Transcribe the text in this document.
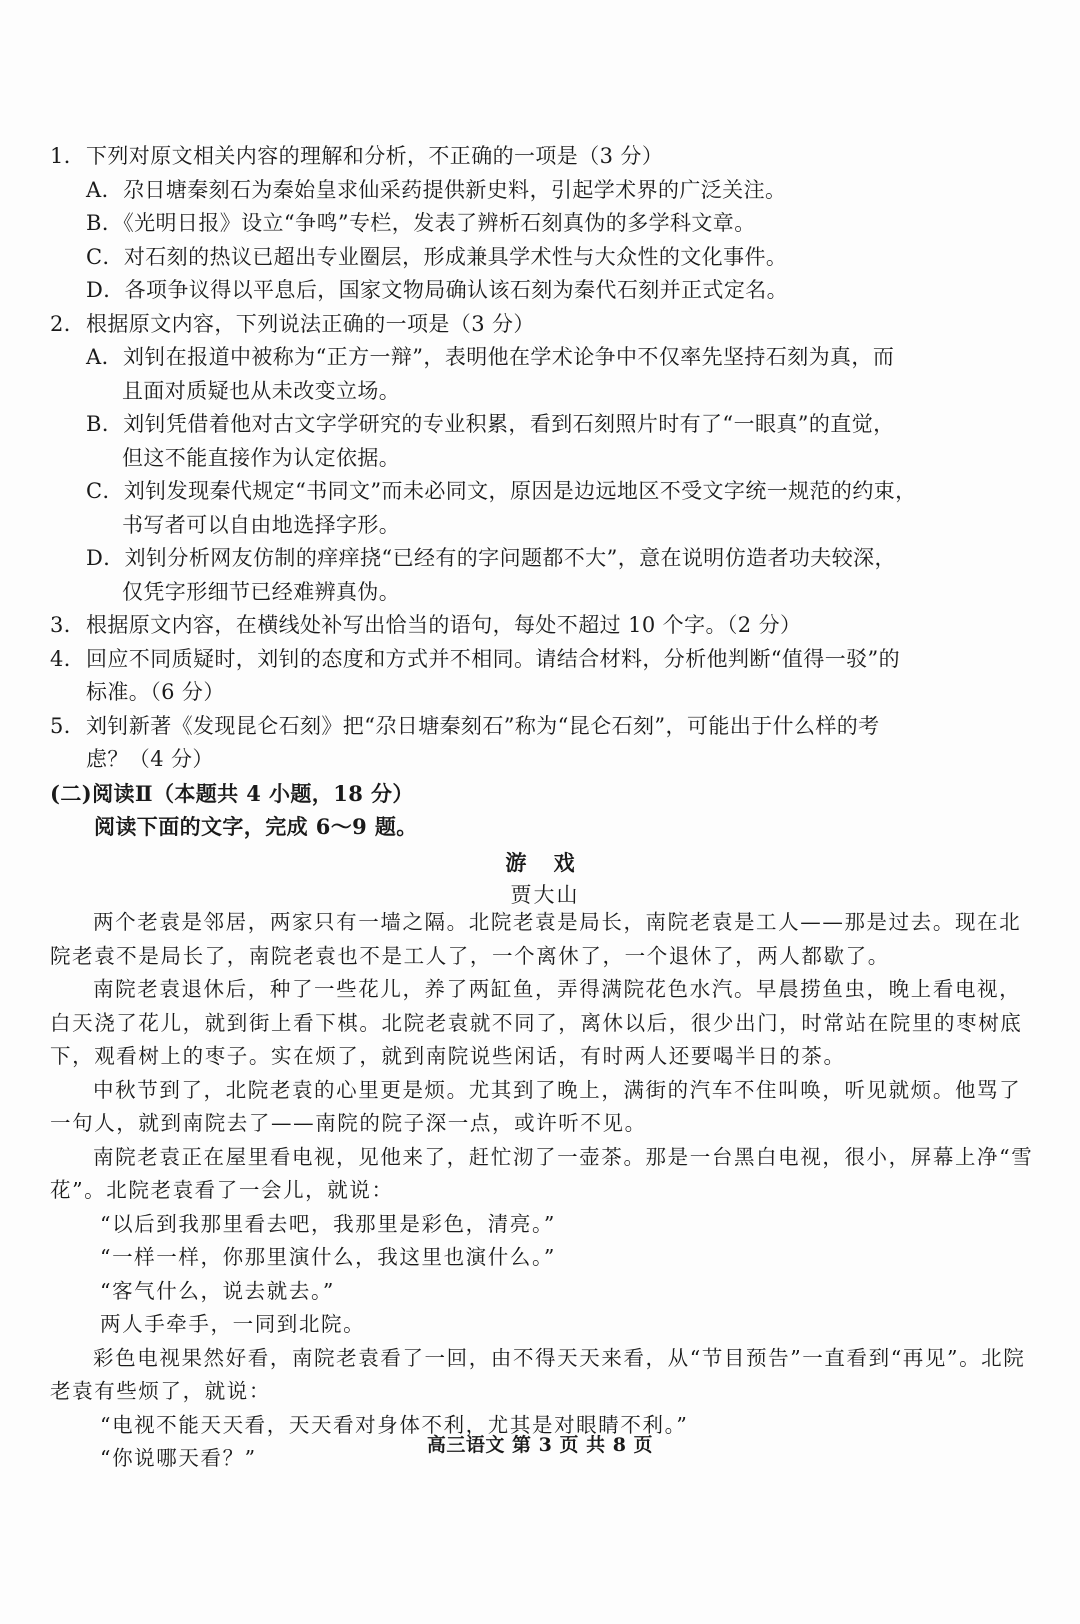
1．下列对原文相关内容的理解和分析，不正确的一项是（3 分）
A．尕日塘秦刻石为秦始皇求仙采药提供新史料，引起学术界的广泛关注。
B．《光明日报》设立“争鸣”专栏，发表了辨析石刻真伪的多学科文章。
C．对石刻的热议已超出专业圈层，形成兼具学术性与大众性的文化事件。
D．各项争议得以平息后，国家文物局确认该石刻为秦代石刻并正式定名。
2．根据原文内容，下列说法正确的一项是（3 分）
A．刘钊在报道中被称为“正方一辩”，表明他在学术论争中不仅率先坚持石刻为真，而
且面对质疑也从未改变立场。
B．刘钊凭借着他对古文字学研究的专业积累，看到石刻照片时有了“一眼真”的直觉，
但这不能直接作为认定依据。
C．刘钊发现秦代规定“书同文”而未必同文，原因是边远地区不受文字统一规范的约束，
书写者可以自由地选择字形。
D．刘钊分析网友仿制的痒痒挠“已经有的字问题都不大”，意在说明仿造者功夫较深，
仅凭字形细节已经难辨真伪。
3．根据原文内容，在横线处补写出恰当的语句，每处不超过 10 个字。（2 分）
4．回应不同质疑时，刘钊的态度和方式并不相同。请结合材料，分析他判断“值得一驳”的
标准。（6 分）
5．刘钊新著《发现昆仑石刻》把“尕日塘秦刻石”称为“昆仑石刻”，可能出于什么样的考
虑？（4 分）
(二)阅读Ⅱ（本题共 4 小题，18 分）
阅读下面的文字，完成 6～9 题。
游 戏
贾大山

两个老袁是邻居，两家只有一墙之隔。北院老袁是局长，南院老袁是工人——那是过去。现在北院老袁不是局长了，南院老袁也不是工人了，一个离休了，一个退休了，两人都歇了。

南院老袁退休后，种了一些花儿，养了两缸鱼，弄得满院花色水汽。早晨捞鱼虫，晚上看电视，白天浇了花儿，就到街上看下棋。北院老袁就不同了，离休以后，很少出门，时常站在院里的枣树底下，观看树上的枣子。实在烦了，就到南院说些闲话，有时两人还要喝半日的茶。

中秋节到了，北院老袁的心里更是烦。尤其到了晚上，满街的汽车不住叫唤，听见就烦。他骂了一句人，就到南院去了——南院的院子深一点，或许听不见。

南院老袁正在屋里看电视，见他来了，赶忙沏了一壶茶。那是一台黑白电视，很小，屏幕上净“雪花”。北院老袁看了一会儿，就说：

“以后到我那里看去吧，我那里是彩色，清亮。”

“一样一样，你那里演什么，我这里也演什么。”

“客气什么，说去就去。”

两人手牵手，一同到北院。

彩色电视果然好看，南院老袁看了一回，由不得天天来看，从“节目预告”一直看到“再见”。北院老袁有些烦了，就说：

“电视不能天天看，天天看对身体不利，尤其是对眼睛不利。”

“你说哪天看？”

高三语文 第 3 页 共 8 页
